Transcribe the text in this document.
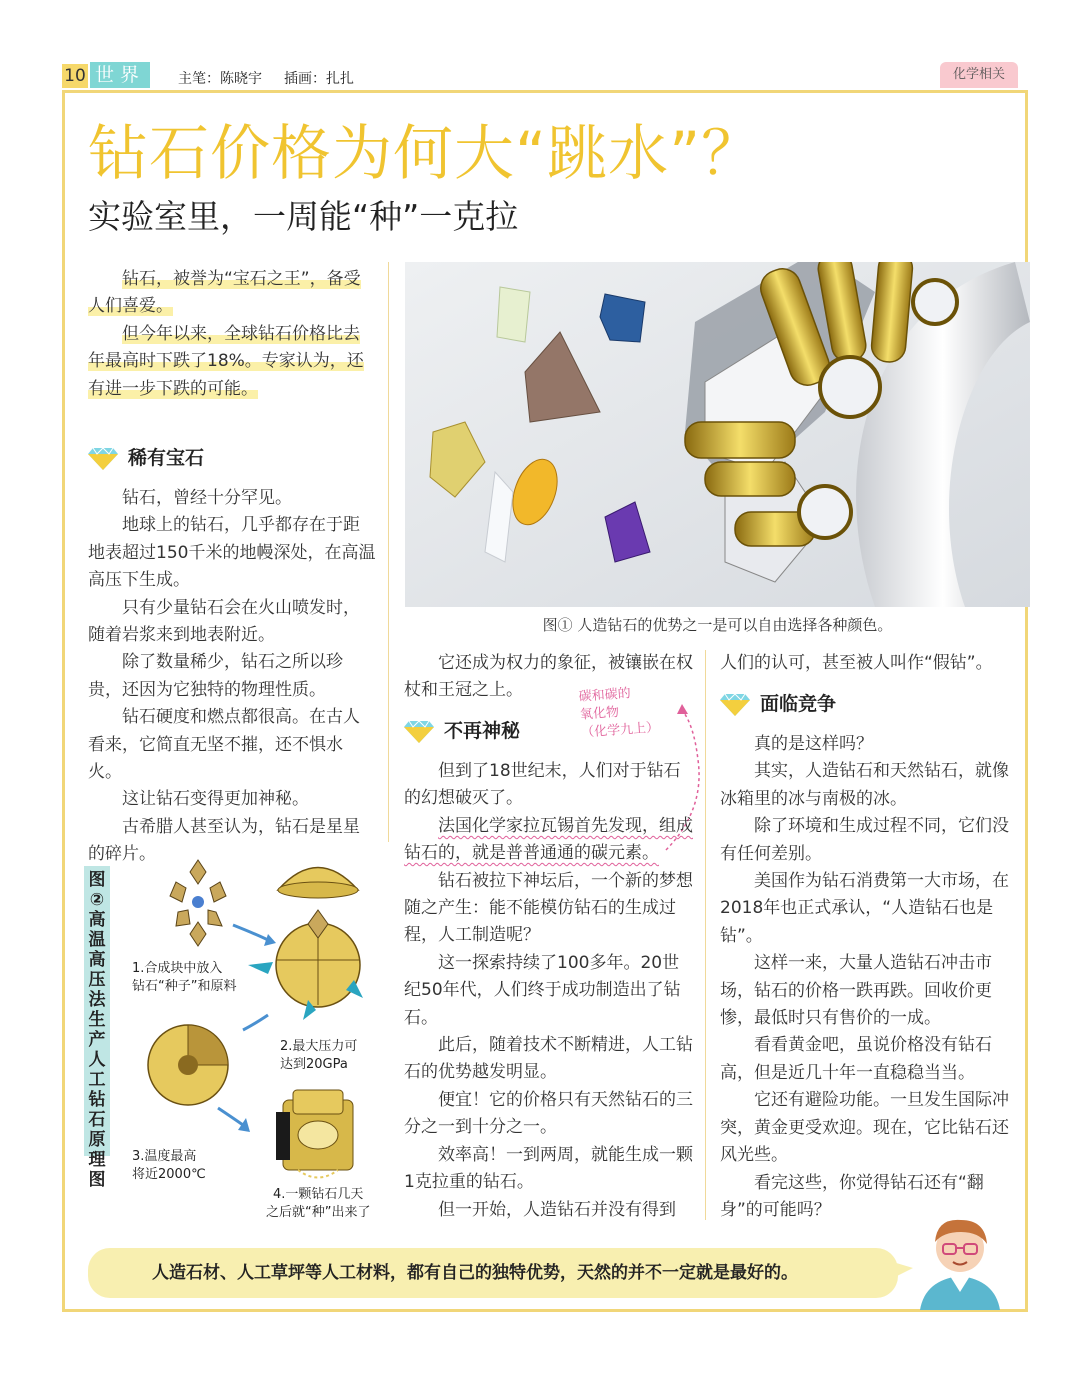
10 世界	主笔：陈晓宇 插画：扎扎	化学相关
钻石价格为何大“跳水”？
实验室里，一周能“种”一克拉

钻石，被誉为“宝石之王”，备受人们喜爱。

但今年以来，全球钻石价格比去年最高时下跌了18%。专家认为，还有进一步下跌的可能。

稀有宝石

钻石，曾经十分罕见。

地球上的钻石，几乎都存在于距地表超过150千米的地幔深处，在高温高压下生成。

只有少量钻石会在火山喷发时，随着岩浆来到地表附近。

除了数量稀少，钻石之所以珍贵，还因为它独特的物理性质。

钻石硬度和燃点都很高。在古人看来，它简直无坚不摧，还不惧水火。

这让钻石变得更加神秘。

古希腊人甚至认为，钻石是星星的碎片。

图① 人造钻石的优势之一是可以自由选择各种颜色。
图②高温高压法生产人工钻石原理图
1.合成块中放入
钻石“种子”和原料
2.最大压力可
达到20GPa
3.温度最高
将近2000℃
4.一颗钻石几天
之后就“种”出来了

它还成为权力的象征，被镶嵌在权杖和王冠之上。

不再神秘
碳和碳的
氧化物
（化学九上）

但到了18世纪末，人们对于钻石的幻想破灭了。

法国化学家拉瓦锡首先发现，组成钻石的，就是普普通通的碳元素。

钻石被拉下神坛后，一个新的梦想随之产生：能不能模仿钻石的生成过程，人工制造呢？

这一探索持续了100多年。20世纪50年代，人们终于成功制造出了钻石。

此后，随着技术不断精进，人工钻石的优势越发明显。

便宜！它的价格只有天然钻石的三分之一到十分之一。

效率高！一到两周，就能生成一颗1克拉重的钻石。

但一开始，人造钻石并没有得到

人们的认可，甚至被人叫作“假钻”。

面临竞争

真的是这样吗？

其实，人造钻石和天然钻石，就像冰箱里的冰与南极的冰。

除了环境和生成过程不同，它们没有任何差别。

美国作为钻石消费第一大市场，在2018年也正式承认，“人造钻石也是钻”。

这样一来，大量人造钻石冲击市场，钻石的价格一跌再跌。回收价更惨，最低时只有售价的一成。

看看黄金吧，虽说价格没有钻石高，但是近几十年一直稳稳当当。

它还有避险功能。一旦发生国际冲突，黄金更受欢迎。现在，它比钻石还风光些。

看完这些，你觉得钻石还有“翻身”的可能吗？

人造石材、人工草坪等人工材料，都有自己的独特优势，天然的并不一定就是最好的。
